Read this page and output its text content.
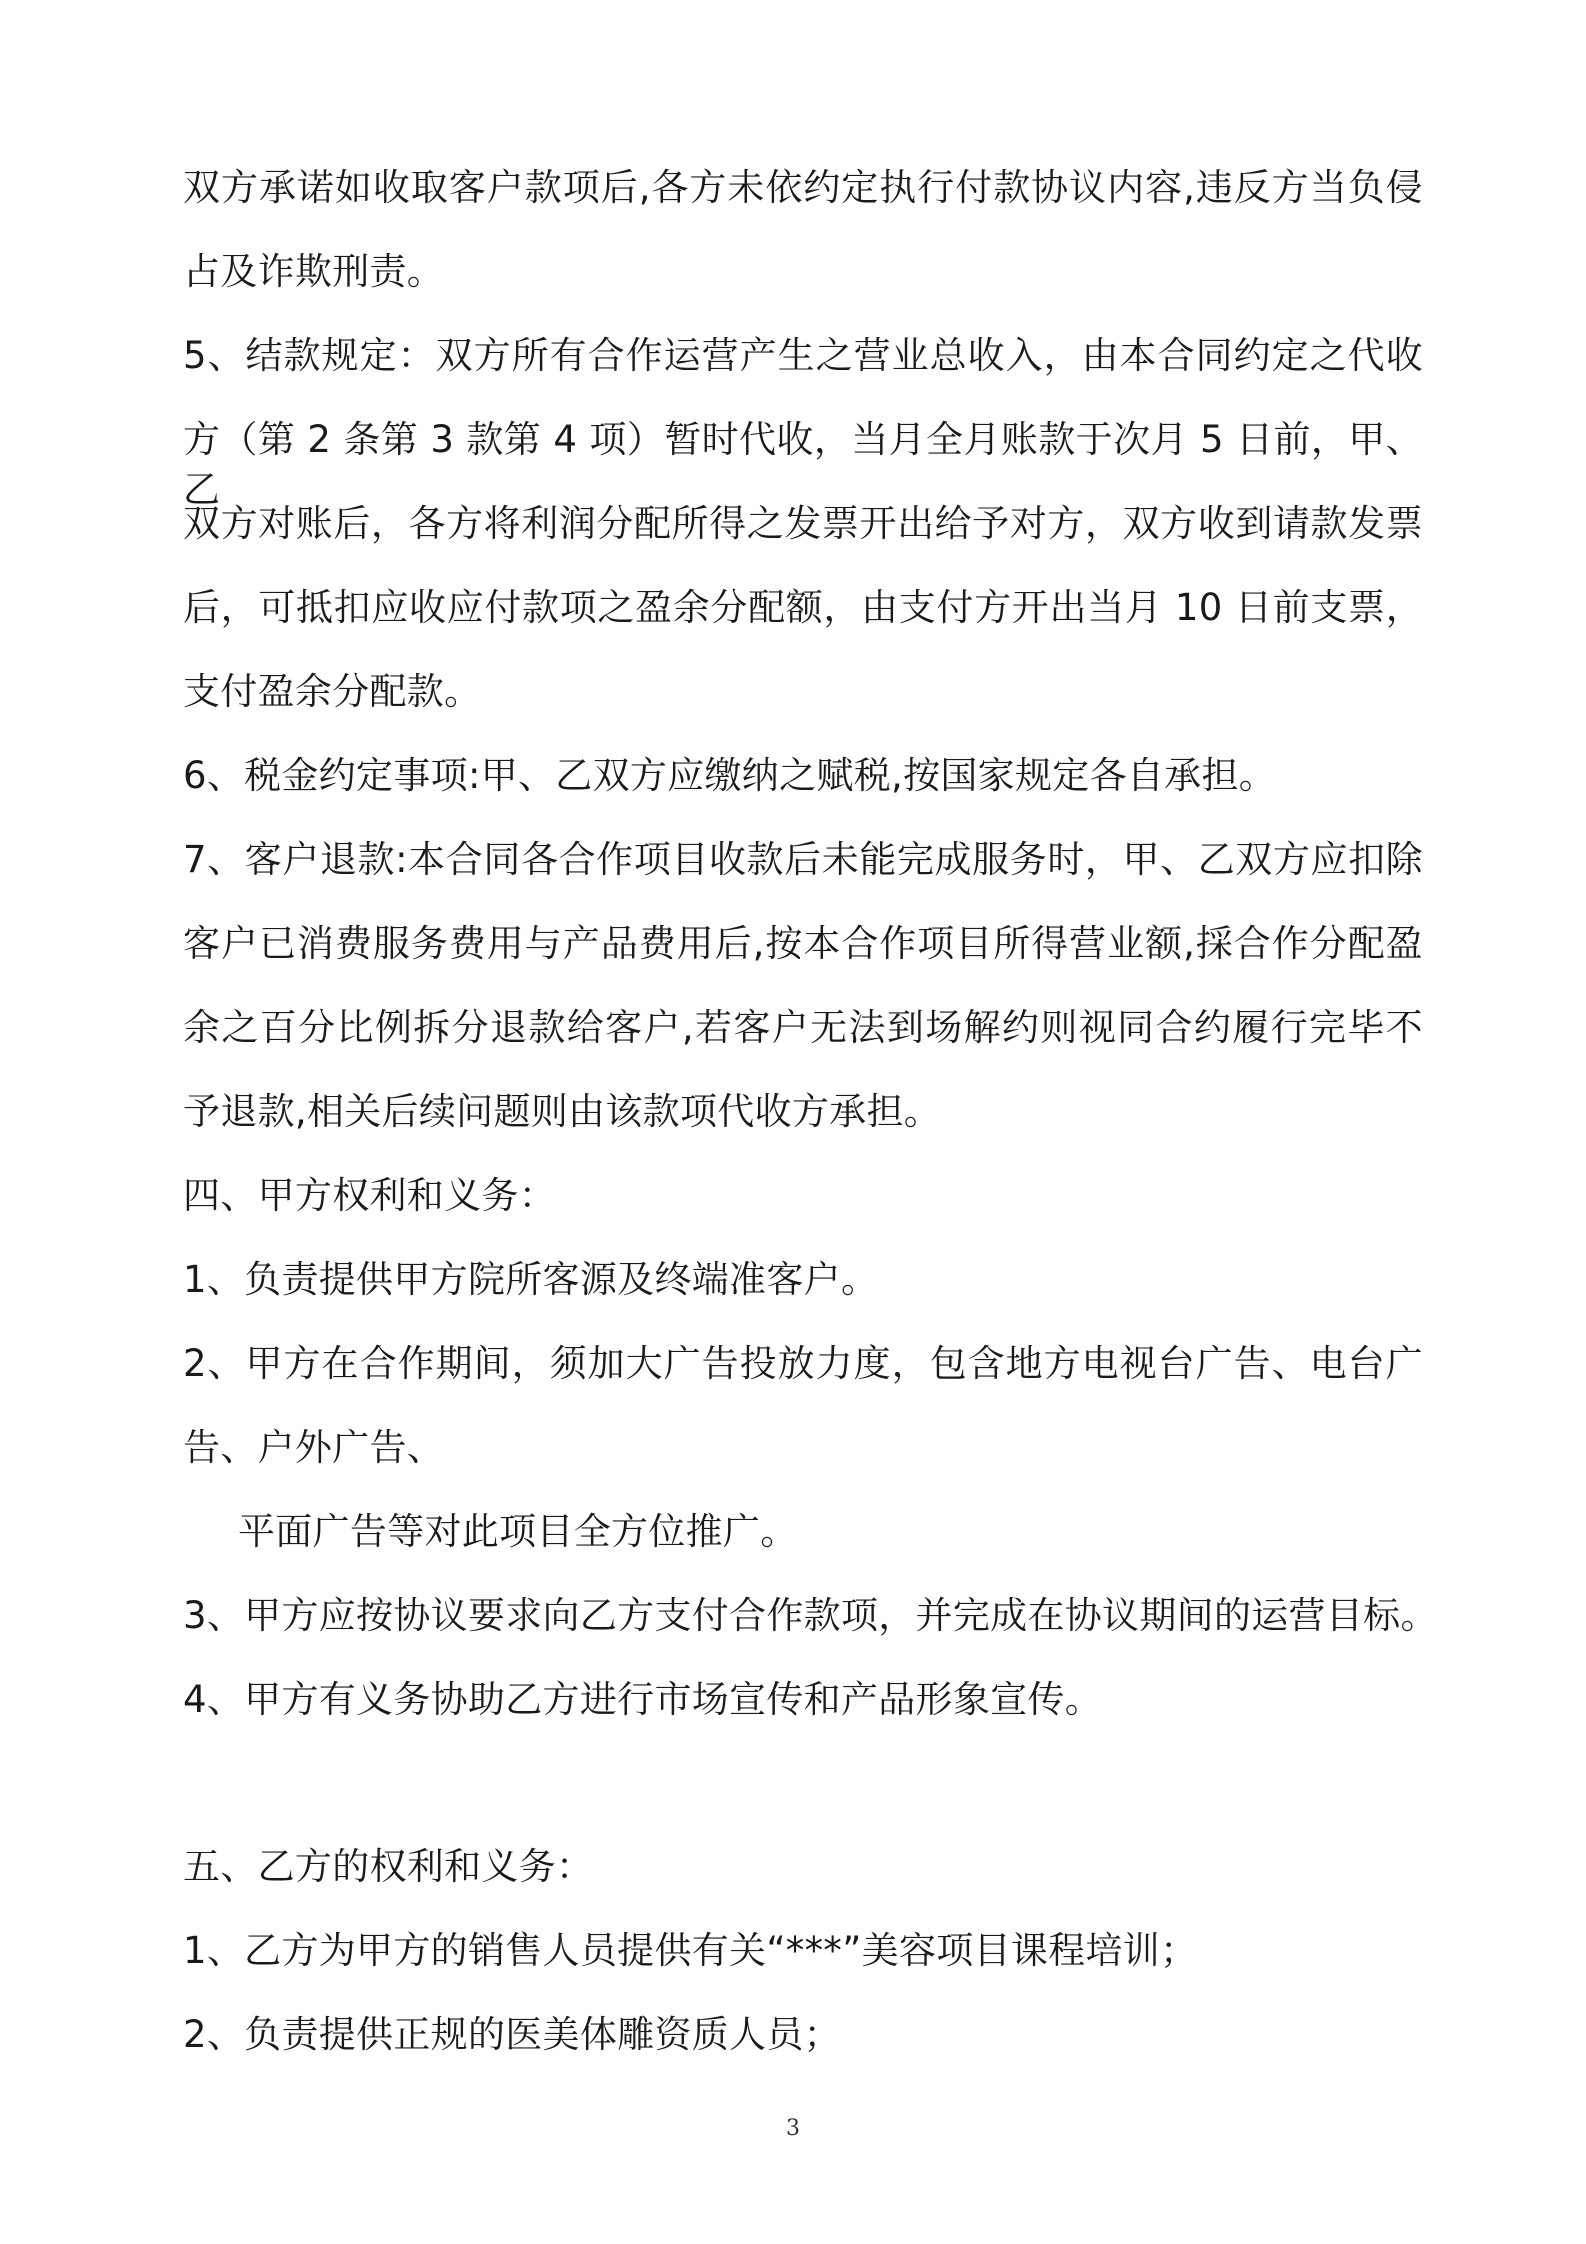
双方承诺如收取客户款项后,各方未依约定执行付款协议内容,违反方当负侵
占及诈欺刑责。
5、结款规定：双方所有合作运营产生之营业总收入，由本合同约定之代收
方（第 2 条第 3 款第 4 项）暂时代收，当月全月账款于次月 5 日前，甲、乙
双方对账后，各方将利润分配所得之发票开出给予对方，双方收到请款发票
后，可抵扣应收应付款项之盈余分配额，由支付方开出当月 10 日前支票，
支付盈余分配款。
6、税金约定事项:甲、乙双方应缴纳之赋税,按国家规定各自承担。
7、客户退款:本合同各合作项目收款后未能完成服务时，甲、乙双方应扣除
客户已消费服务费用与产品费用后,按本合作项目所得营业额,採合作分配盈
余之百分比例拆分退款给客户,若客户无法到场解约则视同合约履行完毕不
予退款,相关后续问题则由该款项代收方承担。
四、甲方权利和义务：
1、负责提供甲方院所客源及终端准客户。
2、甲方在合作期间，须加大广告投放力度，包含地方电视台广告、电台广
告、户外广告、
平面广告等对此项目全方位推广。
3、甲方应按协议要求向乙方支付合作款项，并完成在协议期间的运营目标。
4、甲方有义务协助乙方进行市场宣传和产品形象宣传。
五、乙方的权利和义务：
1、乙方为甲方的销售人员提供有关“***”美容项目课程培训；
2、负责提供正规的医美体雕资质人员；
3
